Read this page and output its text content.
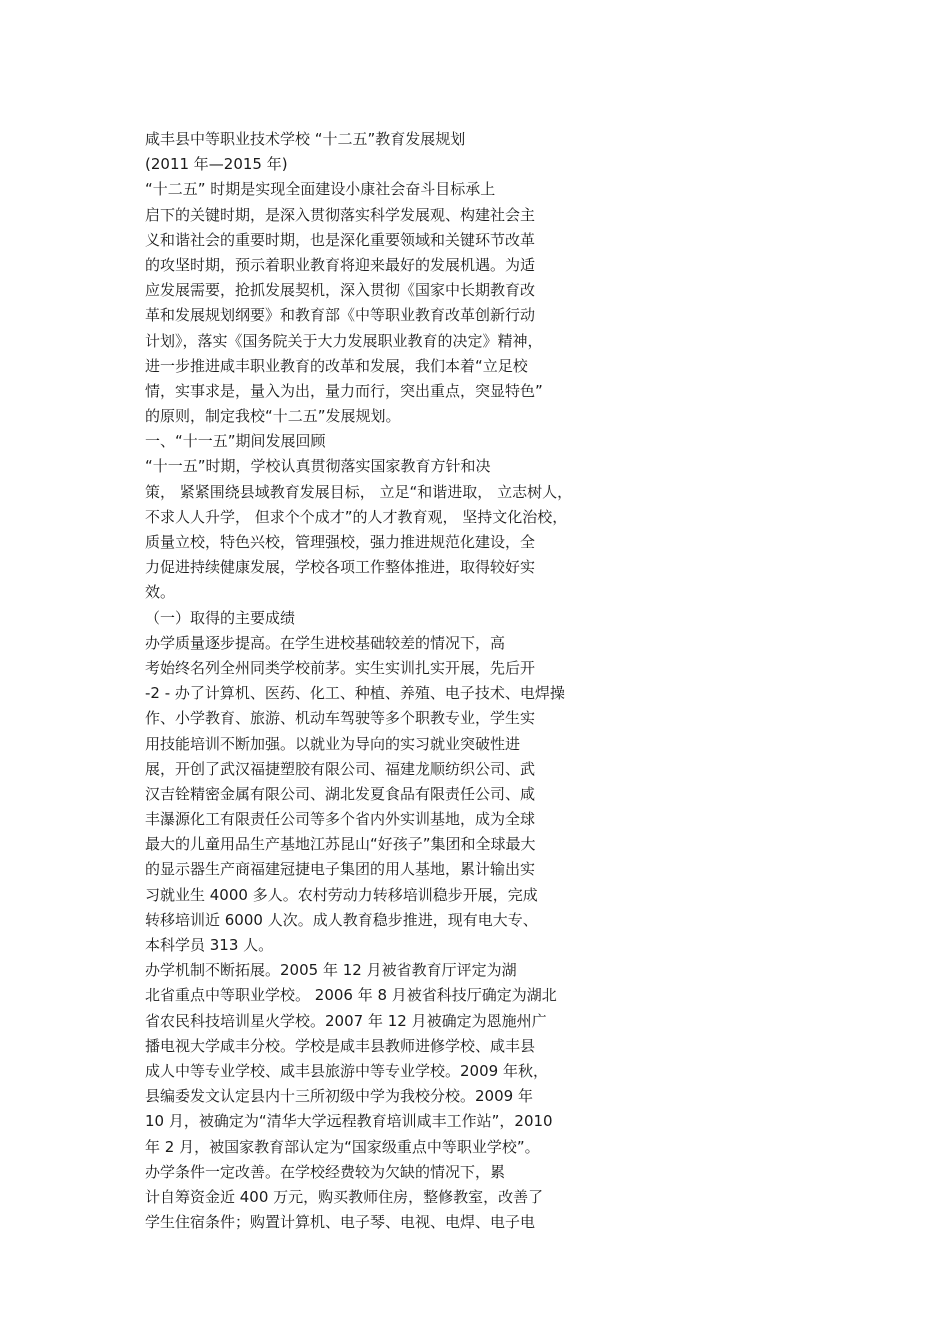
咸丰县中等职业技术学校 “十二五”教育发展规划
(2011 年—2015 年)
“十二五” 时期是实现全面建设小康社会奋斗目标承上
启下的关键时期，是深入贯彻落实科学发展观、构建社会主
义和谐社会的重要时期，也是深化重要领域和关键环节改革
的攻坚时期，预示着职业教育将迎来最好的发展机遇。为适
应发展需要，抢抓发展契机，深入贯彻《国家中长期教育改
革和发展规划纲要》和教育部《中等职业教育改革创新行动
计划》，落实《国务院关于大力发展职业教育的决定》精神，
进一步推进咸丰职业教育的改革和发展，我们本着“立足校
情，实事求是，量入为出，量力而行，突出重点，突显特色”
的原则，制定我校“十二五”发展规划。
一、“十一五”期间发展回顾
“十一五”时期，学校认真贯彻落实国家教育方针和决
策， 紧紧围绕县域教育发展目标， 立足“和谐进取， 立志树人，
不求人人升学， 但求个个成才”的人才教育观， 坚持文化治校，
质量立校，特色兴校，管理强校，强力推进规范化建设，全
力促进持续健康发展，学校各项工作整体推进，取得较好实
效。
（一）取得的主要成绩
办学质量逐步提高。在学生进校基础较差的情况下，高
考始终名列全州同类学校前茅。实生实训扎实开展，先后开
-2 - 办了计算机、医药、化工、种植、养殖、电子技术、电焊操
作、小学教育、旅游、机动车驾驶等多个职教专业，学生实
用技能培训不断加强。以就业为导向的实习就业突破性进
展，开创了武汉福捷塑胶有限公司、福建龙顺纺织公司、武
汉吉铨精密金属有限公司、湖北发夏食品有限责任公司、咸
丰瀑源化工有限责任公司等多个省内外实训基地，成为全球
最大的儿童用品生产基地江苏昆山“好孩子”集团和全球最大
的显示器生产商福建冠捷电子集团的用人基地，累计输出实
习就业生 4000 多人。农村劳动力转移培训稳步开展，完成
转移培训近 6000 人次。成人教育稳步推进，现有电大专、
本科学员 313 人。
办学机制不断拓展。2005 年 12 月被省教育厅评定为湖
北省重点中等职业学校。 2006 年 8 月被省科技厅确定为湖北
省农民科技培训星火学校。2007 年 12 月被确定为恩施州广
播电视大学咸丰分校。学校是咸丰县教师进修学校、咸丰县
成人中等专业学校、咸丰县旅游中等专业学校。2009 年秋，
县编委发文认定县内十三所初级中学为我校分校。2009 年
10 月，被确定为“清华大学远程教育培训咸丰工作站”，2010
年 2 月，被国家教育部认定为“国家级重点中等职业学校”。
办学条件一定改善。在学校经费较为欠缺的情况下，累
计自筹资金近 400 万元，购买教师住房，整修教室，改善了
学生住宿条件；购置计算机、电子琴、电视、电焊、电子电
